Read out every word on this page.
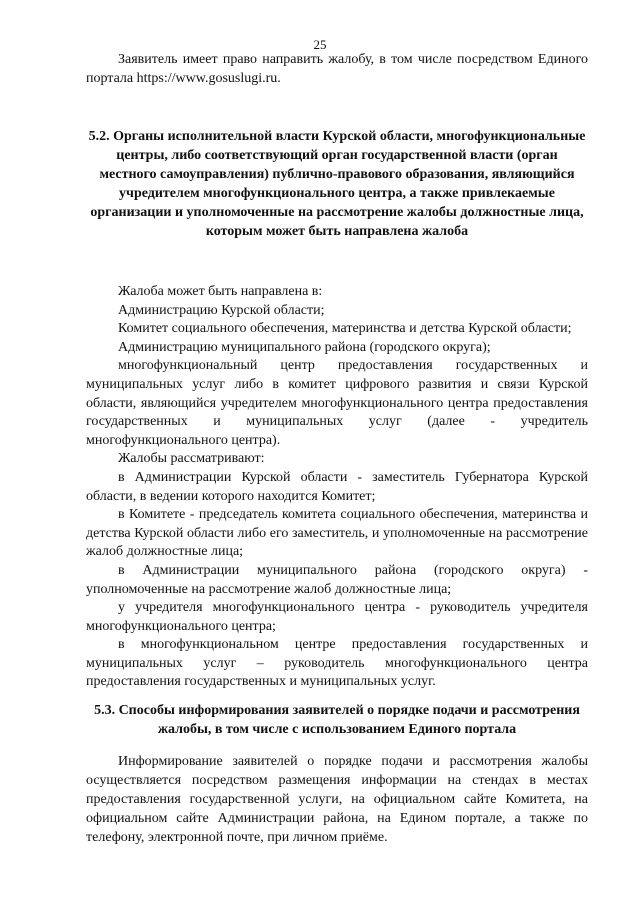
25

Заявитель имеет право направить жалобу, в том числе посредством Единого портала https://www.gosuslugi.ru.

5.2. Органы исполнительной власти Курской области, многофункциональные центры, либо соответствующий орган государственной власти (орган местного самоуправления) публично-правового образования, являющийся учредителем многофункционального центра, а также привлекаемые организации и уполномоченные на рассмотрение жалобы должностные лица, которым может быть направлена жалоба

Жалоба может быть направлена в:

Администрацию Курской области;

Комитет социального обеспечения, материнства и детства Курской области;

Администрацию муниципального района (городского округа);

многофункциональный центр предоставления государственных и муниципальных услуг либо в комитет цифрового развития и связи Курской области, являющийся учредителем многофункционального центра предоставления государственных и муниципальных услуг (далее - учредитель многофункционального центра).

Жалобы рассматривают:

в Администрации Курской области - заместитель Губернатора Курской области, в ведении которого находится Комитет;

в Комитете - председатель комитета социального обеспечения, материнства и детства Курской области либо его заместитель, и уполномоченные на рассмотрение жалоб должностные лица;

в Администрации муниципального района (городского округа) - уполномоченные на рассмотрение жалоб должностные лица;

у учредителя многофункционального центра - руководитель учредителя многофункционального центра;

в многофункциональном центре предоставления государственных и муниципальных услуг – руководитель многофункционального центра предоставления государственных и муниципальных услуг.

5.3. Способы информирования заявителей о порядке подачи и рассмотрения жалобы, в том числе с использованием Единого портала

Информирование заявителей о порядке подачи и рассмотрения жалобы осуществляется посредством размещения информации на стендах в местах предоставления государственной услуги, на официальном сайте Комитета, на официальном сайте Администрации района, на Едином портале, а также по телефону, электронной почте, при личном приёме.
